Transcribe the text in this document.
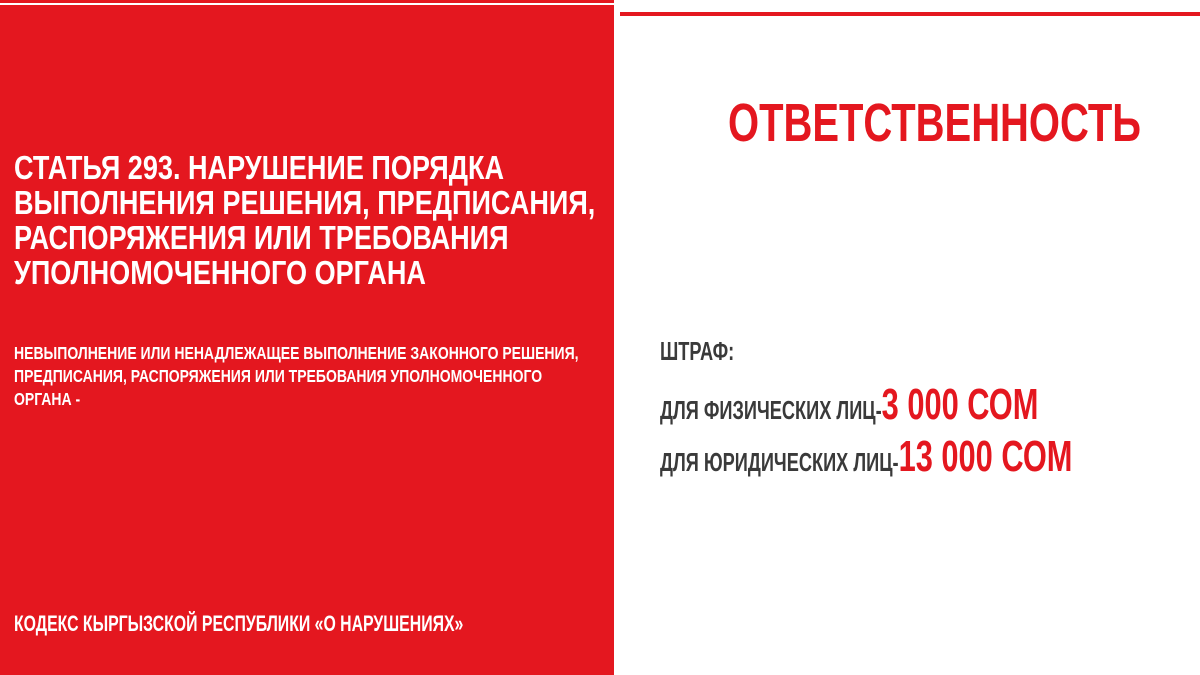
СТАТЬЯ 293. НАРУШЕНИЕ ПОРЯДКА ВЫПОЛНЕНИЯ РЕШЕНИЯ, ПРЕДПИСАНИЯ, РАСПОРЯЖЕНИЯ ИЛИ ТРЕБОВАНИЯ УПОЛНОМОЧЕННОГО ОРГАНА

НЕВЫПОЛНЕНИЕ ИЛИ НЕНАДЛЕЖАЩЕЕ ВЫПОЛНЕНИЕ ЗАКОННОГО РЕШЕНИЯ, ПРЕДПИСАНИЯ, РАСПОРЯЖЕНИЯ ИЛИ ТРЕБОВАНИЯ УПОЛНОМОЧЕННОГО ОРГАНА -

КОДЕКС КЫРГЫЗСКОЙ РЕСПУБЛИКИ «О НАРУШЕНИЯХ»

ОТВЕТСТВЕННОСТЬ

ШТРАФ:

ДЛЯ ФИЗИЧЕСКИХ ЛИЦ-3 000 СОМ
ДЛЯ ЮРИДИЧЕСКИХ ЛИЦ-13 000 СОМ
